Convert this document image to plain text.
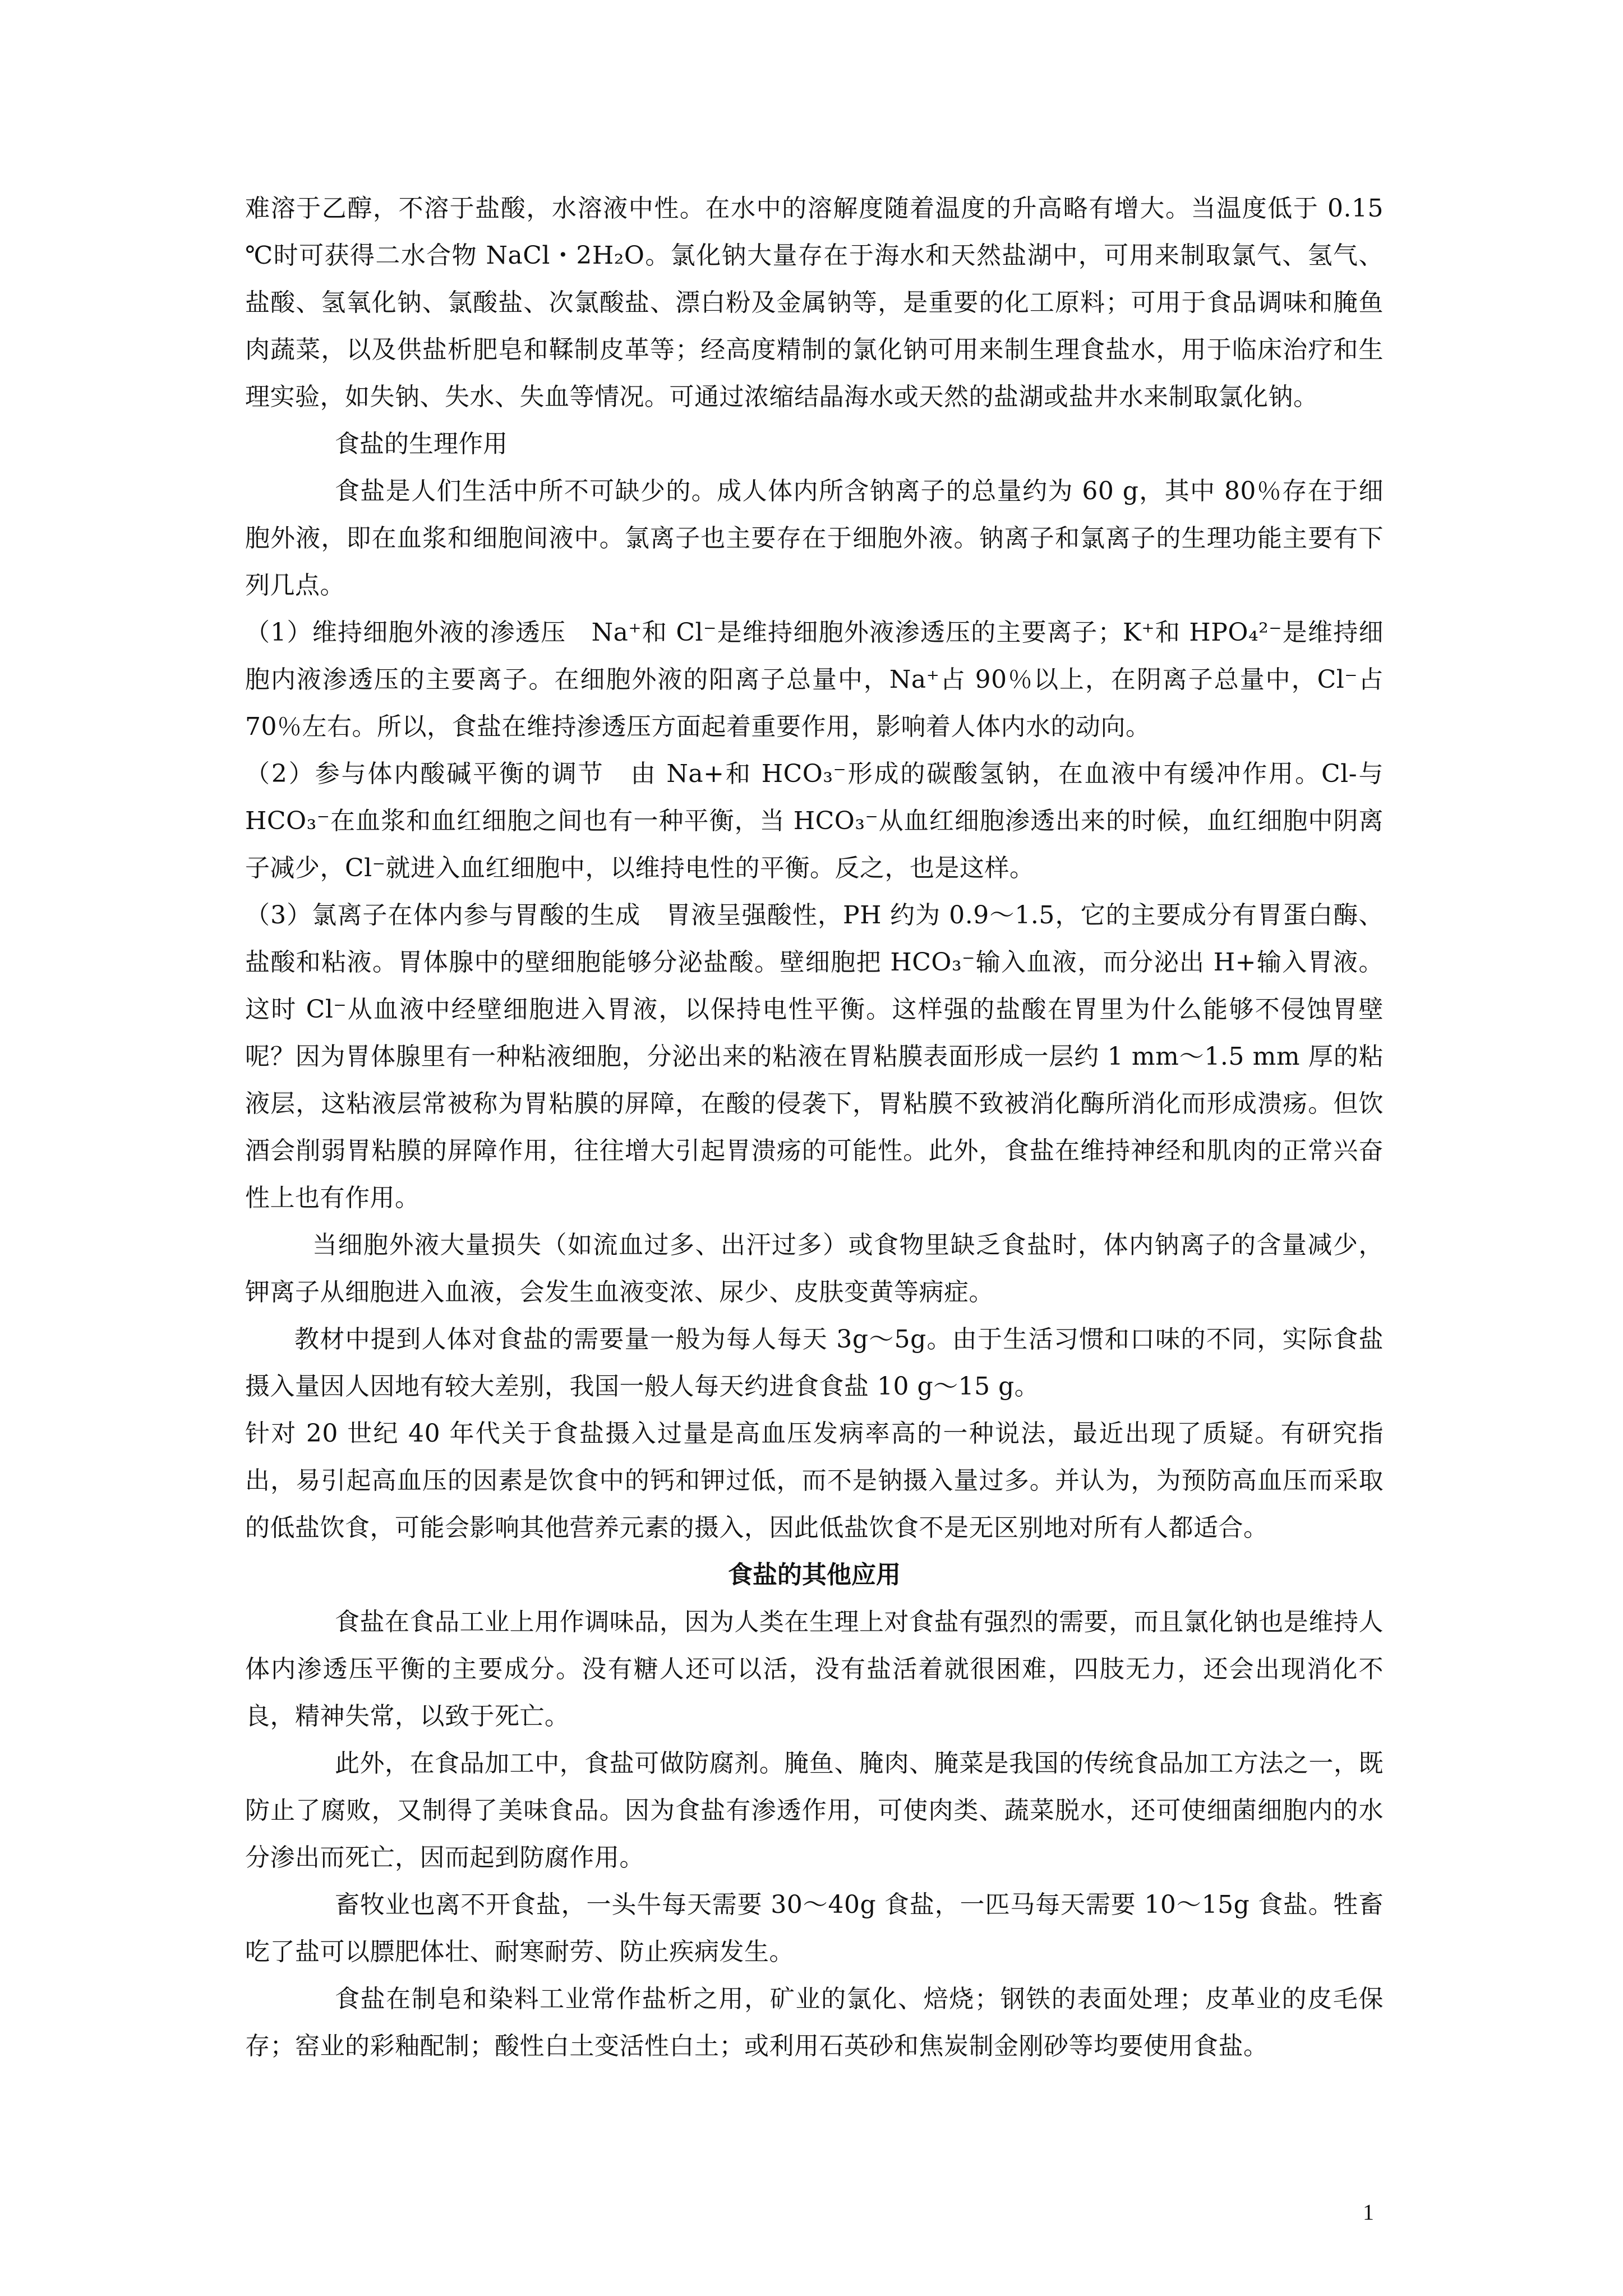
难溶于乙醇，不溶于盐酸，水溶液中性。在水中的溶解度随着温度的升高略有增大。当温度低于 0.15 ℃时可获得二水合物 NaCl・2H₂O。氯化钠大量存在于海水和天然盐湖中，可用来制取氯气、氢气、盐酸、氢氧化钠、氯酸盐、次氯酸盐、漂白粉及金属钠等，是重要的化工原料；可用于食品调味和腌鱼肉蔬菜，以及供盐析肥皂和鞣制皮革等；经高度精制的氯化钠可用来制生理食盐水，用于临床治疗和生理实验，如失钠、失水、失血等情况。可通过浓缩结晶海水或天然的盐湖或盐井水来制取氯化钠。

食盐的生理作用

食盐是人们生活中所不可缺少的。成人体内所含钠离子的总量约为 60 g，其中 80％存在于细胞外液，即在血浆和细胞间液中。氯离子也主要存在于细胞外液。钠离子和氯离子的生理功能主要有下列几点。

（1）维持细胞外液的渗透压　Na⁺和 Cl⁻是维持细胞外液渗透压的主要离子；K⁺和 HPO₄²⁻是维持细胞内液渗透压的主要离子。在细胞外液的阳离子总量中，Na⁺占 90％以上，在阴离子总量中，Cl⁻占 70％左右。所以，食盐在维持渗透压方面起着重要作用，影响着人体内水的动向。

（2）参与体内酸碱平衡的调节　由 Na+和 HCO₃⁻形成的碳酸氢钠，在血液中有缓冲作用。Cl-与 HCO₃⁻在血浆和血红细胞之间也有一种平衡，当 HCO₃⁻从血红细胞渗透出来的时候，血红细胞中阴离子减少，Cl⁻就进入血红细胞中，以维持电性的平衡。反之，也是这样。

（3）氯离子在体内参与胃酸的生成　胃液呈强酸性，PH 约为 0.9～1.5，它的主要成分有胃蛋白酶、盐酸和粘液。胃体腺中的壁细胞能够分泌盐酸。壁细胞把 HCO₃⁻输入血液，而分泌出 H+输入胃液。这时 Cl⁻从血液中经壁细胞进入胃液，以保持电性平衡。这样强的盐酸在胃里为什么能够不侵蚀胃壁呢？因为胃体腺里有一种粘液细胞，分泌出来的粘液在胃粘膜表面形成一层约 1 mm～1.5 mm 厚的粘液层，这粘液层常被称为胃粘膜的屏障，在酸的侵袭下，胃粘膜不致被消化酶所消化而形成溃疡。但饮酒会削弱胃粘膜的屏障作用，往往增大引起胃溃疡的可能性。此外，食盐在维持神经和肌肉的正常兴奋性上也有作用。

当细胞外液大量损失（如流血过多、出汗过多）或食物里缺乏食盐时，体内钠离子的含量减少，钾离子从细胞进入血液，会发生血液变浓、尿少、皮肤变黄等病症。

教材中提到人体对食盐的需要量一般为每人每天 3g～5g。由于生活习惯和口味的不同，实际食盐摄入量因人因地有较大差别，我国一般人每天约进食食盐 10 g～15 g。

针对 20 世纪 40 年代关于食盐摄入过量是高血压发病率高的一种说法，最近出现了质疑。有研究指出，易引起高血压的因素是饮食中的钙和钾过低，而不是钠摄入量过多。并认为，为预防高血压而采取的低盐饮食，可能会影响其他营养元素的摄入，因此低盐饮食不是无区别地对所有人都适合。

食盐的其他应用

食盐在食品工业上用作调味品，因为人类在生理上对食盐有强烈的需要，而且氯化钠也是维持人体内渗透压平衡的主要成分。没有糖人还可以活，没有盐活着就很困难，四肢无力，还会出现消化不良，精神失常，以致于死亡。

此外，在食品加工中，食盐可做防腐剂。腌鱼、腌肉、腌菜是我国的传统食品加工方法之一，既防止了腐败，又制得了美味食品。因为食盐有渗透作用，可使肉类、蔬菜脱水，还可使细菌细胞内的水分渗出而死亡，因而起到防腐作用。

畜牧业也离不开食盐，一头牛每天需要 30～40g 食盐，一匹马每天需要 10～15g 食盐。牲畜吃了盐可以膘肥体壮、耐寒耐劳、防止疾病发生。

食盐在制皂和染料工业常作盐析之用，矿业的氯化、焙烧；钢铁的表面处理；皮革业的皮毛保存；窑业的彩釉配制；酸性白土变活性白土；或利用石英砂和焦炭制金刚砂等均要使用食盐。

1
